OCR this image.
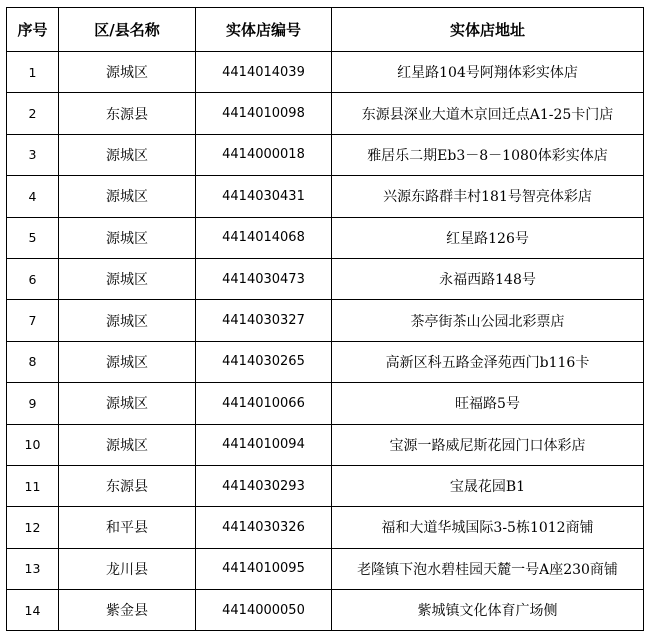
序号	区/县名称	实体店编号	实体店地址
1	源城区	4414014039	红星路104号阿翔体彩实体店
2	东源县	4414010098	东源县深业大道木京回迁点A1-25卡门店
3	源城区	4414000018	雅居乐二期Eb3－8－1080体彩实体店
4	源城区	4414030431	兴源东路群丰村181号智亮体彩店
5	源城区	4414014068	红星路126号
6	源城区	4414030473	永福西路148号
7	源城区	4414030327	茶亭街茶山公园北彩票店
8	源城区	4414030265	高新区科五路金泽苑西门b116卡
9	源城区	4414010066	旺福路5号
10	源城区	4414010094	宝源一路威尼斯花园门口体彩店
11	东源县	4414030293	宝晟花园B1
12	和平县	4414030326	福和大道华城国际3-5栋1012商铺
13	龙川县	4414010095	老隆镇下泡水碧桂园天麓一号A座230商铺
14	紫金县	4414000050	紫城镇文化体育广场侧
